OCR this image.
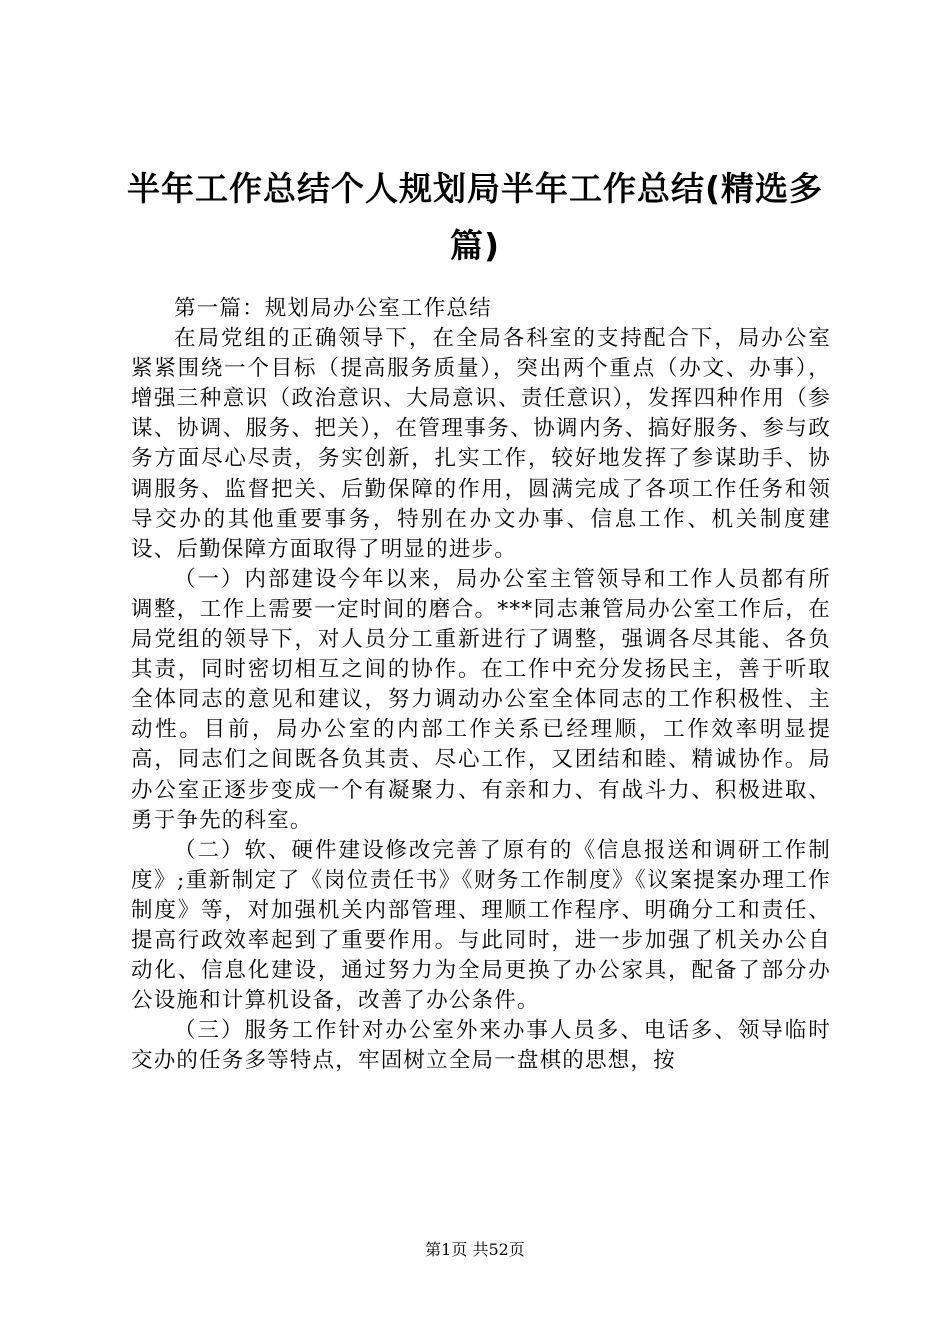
半年工作总结个人规划局半年工作总结(精选多篇)

第一篇：规划局办公室工作总结

在局党组的正确领导下，在全局各科室的支持配合下，局办公室紧紧围绕一个目标（提高服务质量），突出两个重点（办文、办事），增强三种意识（政治意识、大局意识、责任意识），发挥四种作用（参谋、协调、服务、把关），在管理事务、协调内务、搞好服务、参与政务方面尽心尽责，务实创新，扎实工作，较好地发挥了参谋助手、协调服务、监督把关、后勤保障的作用，圆满完成了各项工作任务和领导交办的其他重要事务，特别在办文办事、信息工作、机关制度建设、后勤保障方面取得了明显的进步。

（一）内部建设今年以来，局办公室主管领导和工作人员都有所调整，工作上需要一定时间的磨合。***同志兼管局办公室工作后，在局党组的领导下，对人员分工重新进行了调整，强调各尽其能、各负其责，同时密切相互之间的协作。在工作中充分发扬民主，善于听取全体同志的意见和建议，努力调动办公室全体同志的工作积极性、主动性。目前，局办公室的内部工作关系已经理顺，工作效率明显提高，同志们之间既各负其责、尽心工作，又团结和睦、精诚协作。局办公室正逐步变成一个有凝聚力、有亲和力、有战斗力、积极进取、勇于争先的科室。

（二）软、硬件建设修改完善了原有的《信息报送和调研工作制度》;重新制定了《岗位责任书》《财务工作制度》《议案提案办理工作制度》等，对加强机关内部管理、理顺工作程序、明确分工和责任、提高行政效率起到了重要作用。与此同时，进一步加强了机关办公自动化、信息化建设，通过努力为全局更换了办公家具，配备了部分办公设施和计算机设备，改善了办公条件。

（三）服务工作针对办公室外来办事人员多、电话多、领导临时交办的任务多等特点，牢固树立全局一盘棋的思想，按

第1页 共52页
